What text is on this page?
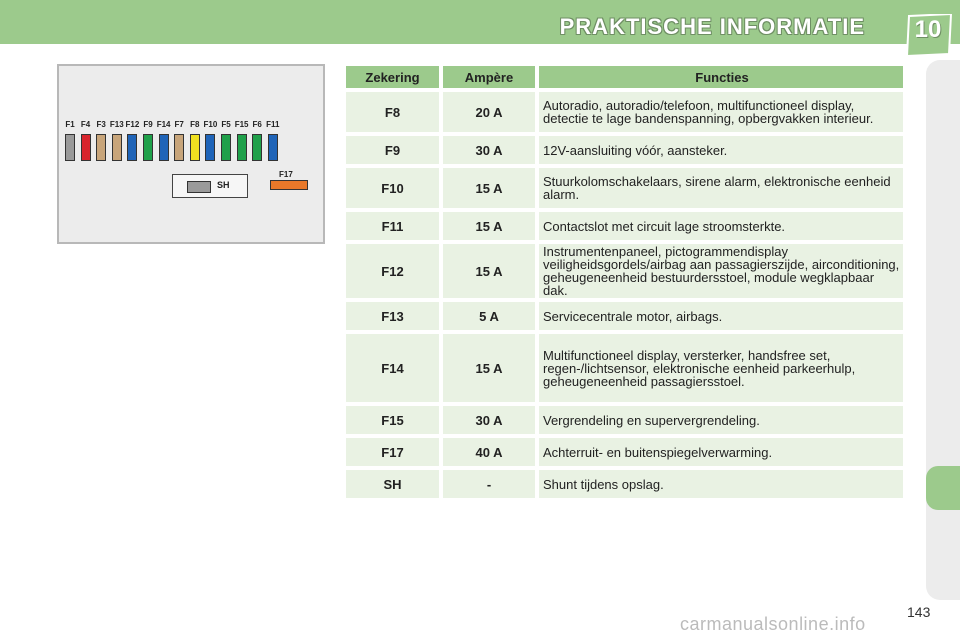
PRAKTISCHE INFORMATIE 10
F1 F4 F3 F13 F12 F9 F14 F7 F8 F10 F5 F15 F6 F11
SH
F17
Zekering	Ampère	Functies
F8	20 A	Autoradio, autoradio/telefoon, multifunctioneel display, detectie te lage bandenspanning, opbergvakken interieur.
F9	30 A	12V-aansluiting vóór, aansteker.
F10	15 A	Stuurkolomschakelaars, sirene alarm, elektronische eenheid alarm.
F11	15 A	Contactslot met circuit lage stroomsterkte.
F12	15 A	Instrumentenpaneel, pictogrammendisplay veiligheidsgordels/airbag aan passagierszijde, airconditioning, geheugeneenheid bestuurdersstoel, module wegklapbaar dak.
F13	5 A	Servicecentrale motor, airbags.
F14	15 A	Multifunctioneel display, versterker, handsfree set, regen-/lichtsensor, elektronische eenheid parkeerhulp, geheugeneenheid passagiersstoel.
F15	30 A	Vergrendeling en supervergrendeling.
F17	40 A	Achterruit- en buitenspiegelverwarming.
SH	-	Shunt tijdens opslag.
143
carmanualsonline.info
